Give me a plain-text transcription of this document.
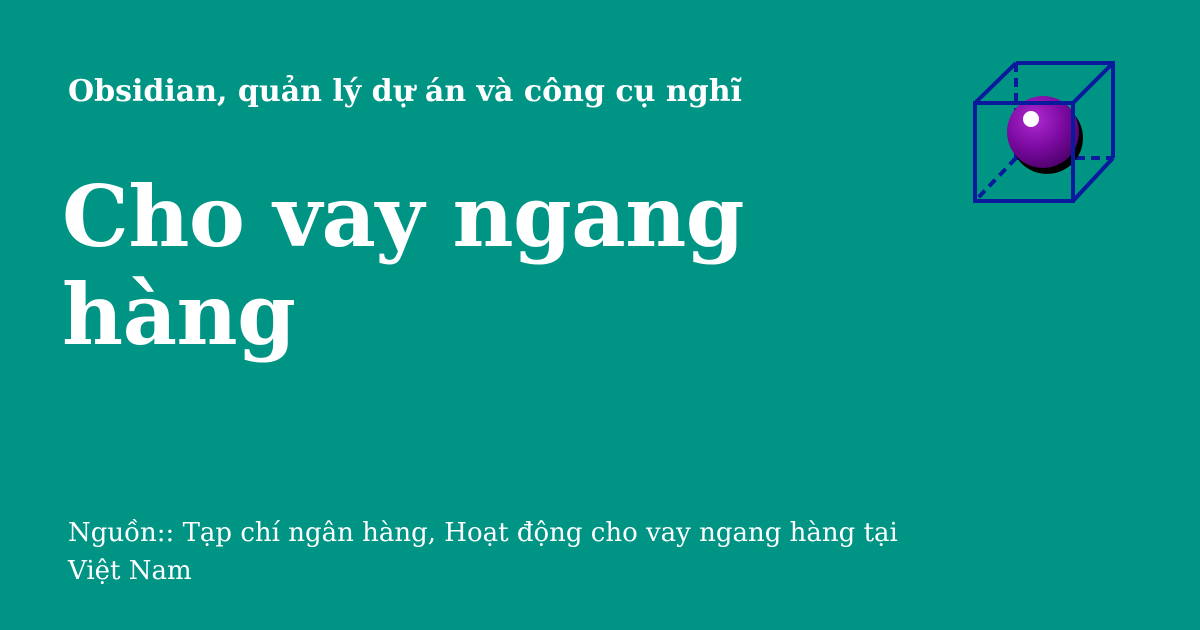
Obsidian, quản lý dự án và công cụ nghĩ
Cho vay ngang hàng

Nguồn:: Tạp chí ngân hàng, Hoạt động cho vay ngang hàng tại Việt Nam
